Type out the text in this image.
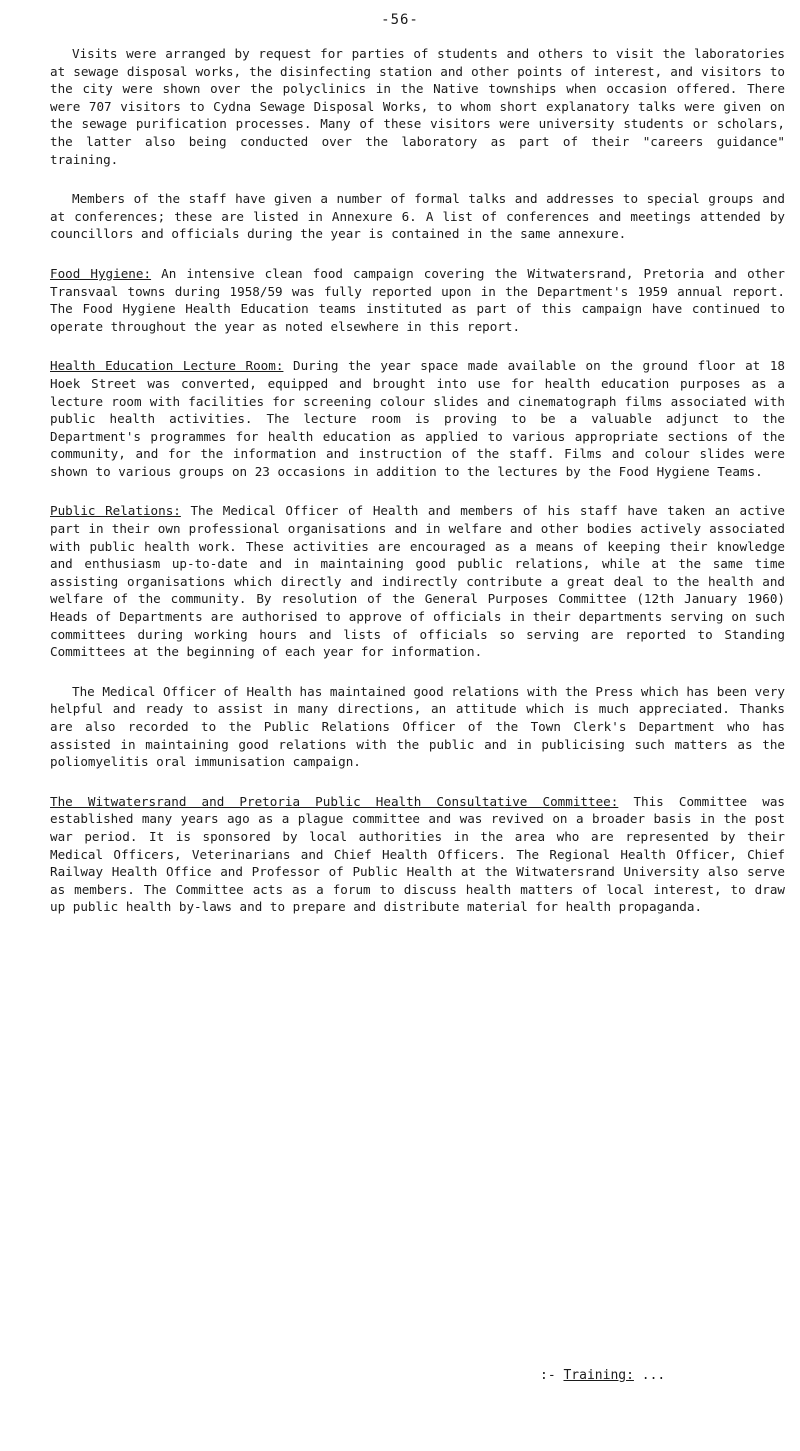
-56-

Visits were arranged by request for parties of students and others to visit the laboratories at sewage disposal works, the disinfecting station and other points of interest, and visitors to the city were shown over the polyclinics in the Native townships when occasion offered. There were 707 visitors to Cydna Sewage Disposal Works, to whom short explanatory talks were given on the sewage purification processes. Many of these visitors were university students or scholars, the latter also being conducted over the laboratory as part of their "careers guidance" training.

Members of the staff have given a number of formal talks and addresses to special groups and at conferences; these are listed in Annexure 6. A list of conferences and meetings attended by councillors and officials during the year is contained in the same annexure.

Food Hygiene: An intensive clean food campaign covering the Witwatersrand, Pretoria and other Transvaal towns during 1958/59 was fully reported upon in the Department's 1959 annual report. The Food Hygiene Health Education teams instituted as part of this campaign have continued to operate throughout the year as noted elsewhere in this report.

Health Education Lecture Room: During the year space made available on the ground floor at 18 Hoek Street was converted, equipped and brought into use for health education purposes as a lecture room with facilities for screening colour slides and cinematograph films associated with public health activities. The lecture room is proving to be a valuable adjunct to the Department's programmes for health education as applied to various appropriate sections of the community, and for the information and instruction of the staff. Films and colour slides were shown to various groups on 23 occasions in addition to the lectures by the Food Hygiene Teams.

Public Relations: The Medical Officer of Health and members of his staff have taken an active part in their own professional organisations and in welfare and other bodies actively associated with public health work. These activities are encouraged as a means of keeping their knowledge and enthusiasm up-to-date and in maintaining good public relations, while at the same time assisting organisations which directly and indirectly contribute a great deal to the health and welfare of the community. By resolution of the General Purposes Committee (12th January 1960) Heads of Departments are authorised to approve of officials in their departments serving on such committees during working hours and lists of officials so serving are reported to Standing Committees at the beginning of each year for information.

The Medical Officer of Health has maintained good relations with the Press which has been very helpful and ready to assist in many directions, an attitude which is much appreciated. Thanks are also recorded to the Public Relations Officer of the Town Clerk's Department who has assisted in maintaining good relations with the public and in publicising such matters as the poliomyelitis oral immunisation campaign.

The Witwatersrand and Pretoria Public Health Consultative Committee: This Committee was established many years ago as a plague committee and was revived on a broader basis in the post war period. It is sponsored by local authorities in the area who are represented by their Medical Officers, Veterinarians and Chief Health Officers. The Regional Health Officer, Chief Railway Health Office and Professor of Public Health at the Witwatersrand University also serve as members. The Committee acts as a forum to discuss health matters of local interest, to draw up public health by-laws and to prepare and distribute material for health propaganda.

:- Training: ...
